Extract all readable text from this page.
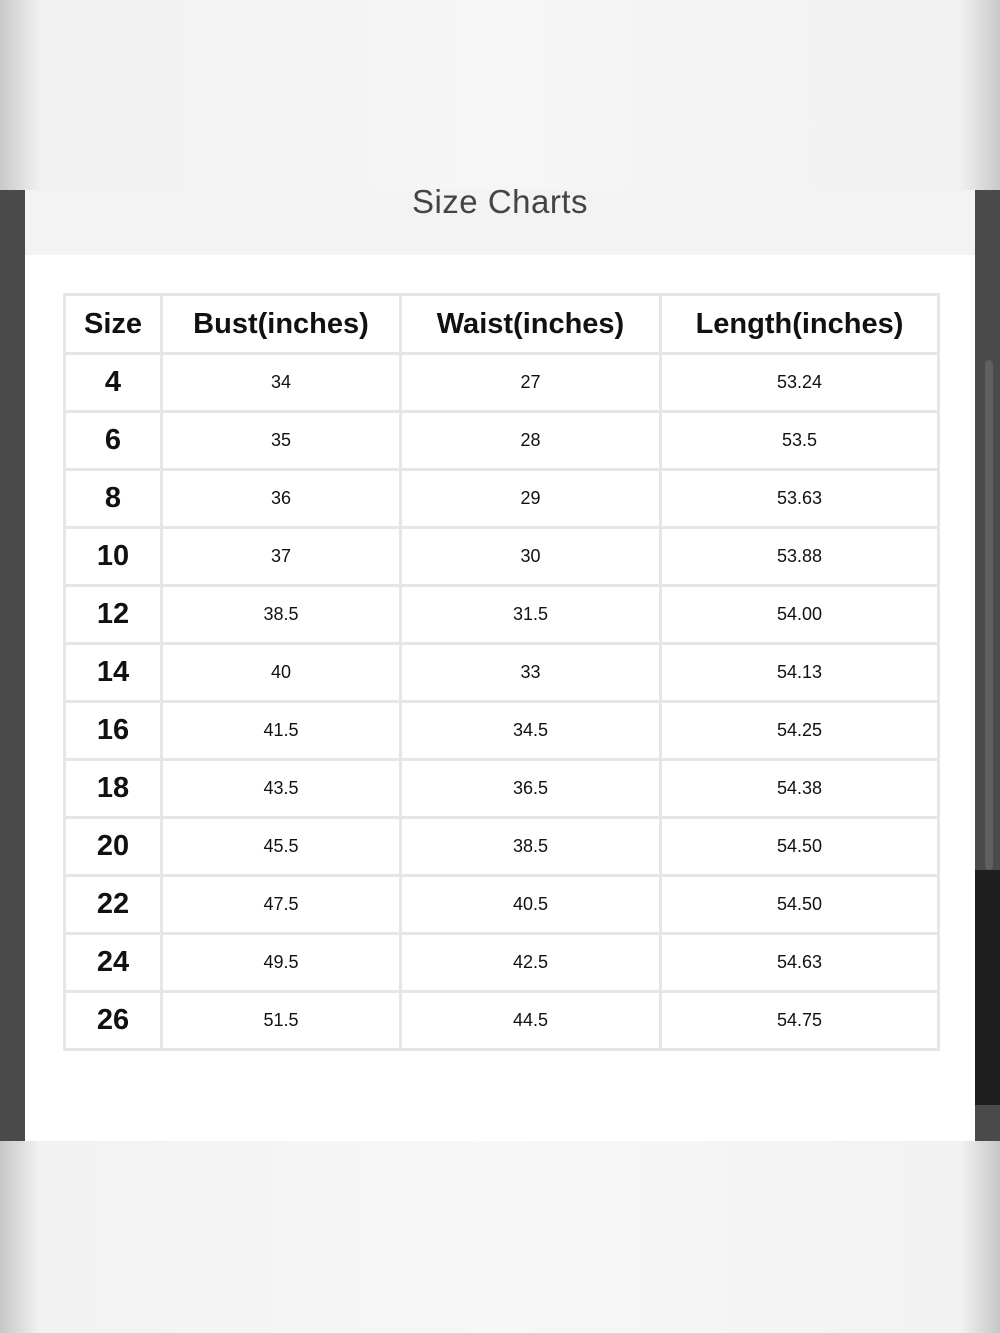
Size Charts
Size	Bust(inches)	Waist(inches)	Length(inches)
4	34	27	53.24
6	35	28	53.5
8	36	29	53.63
10	37	30	53.88
12	38.5	31.5	54.00
14	40	33	54.13
16	41.5	34.5	54.25
18	43.5	36.5	54.38
20	45.5	38.5	54.50
22	47.5	40.5	54.50
24	49.5	42.5	54.63
26	51.5	44.5	54.75
